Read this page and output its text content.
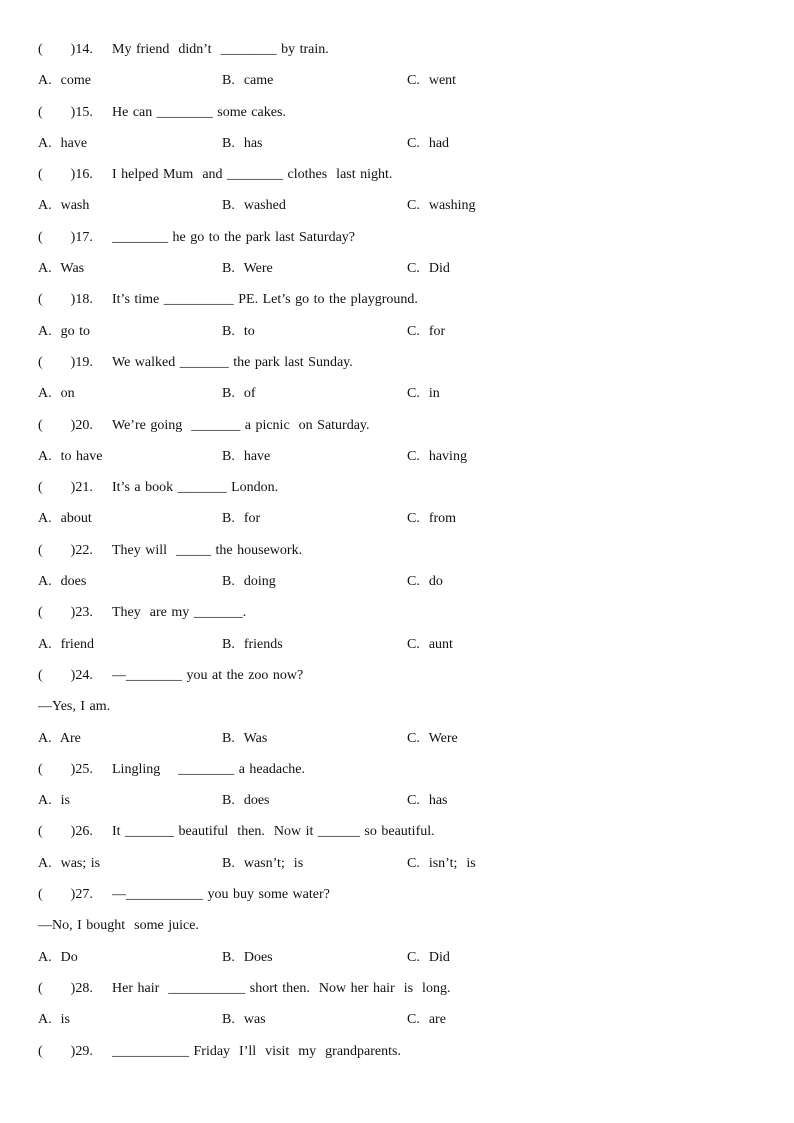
(　　)14.	My friend  didn’t  ________ by train.
A.  come	B.  came	C.  went
(　　)15.	He can ________ some cakes.
A.  have	B.  has	C.  had
(　　)16.	I helped Mum  and ________ clothes  last night.
A.  wash	B.  washed	C.  washing
(　　)17.	________ he go to the park last Saturday?
A.  Was	B.  Were	C.  Did
(　　)18.	It’s time __________ PE. Let’s go to the playground.
A.  go to	B.  to	C.  for
(　　)19.	We walked _______ the park last Sunday.
A.  on	B.  of	C.  in
(　　)20.	We’re going  _______ a picnic  on Saturday.
A.  to have	B.  have	C.  having
(　　)21.	It’s a book _______ London.
A.  about	B.  for	C.  from
(　　)22.	They will  _____ the housework.
A.  does	B.  doing	C.  do
(　　)23.	They  are my _______.
A.  friend	B.  friends	C.  aunt
(　　)24.	—________ you at the zoo now?
—Yes, I am.
A.  Are	B.  Was	C.  Were
(　　)25.	Lingling    ________ a headache.
A.  is	B.  does	C.  has
(　　)26.	It _______ beautiful  then.  Now it ______ so beautiful.
A.  was; is	B.  wasn’t;  is	C.  isn’t;  is
(　　)27.	—___________ you buy some water?
—No, I bought  some juice.
A.  Do	B.  Does	C.  Did
(　　)28.	Her hair  ___________ short then.  Now her hair  is  long.
A.  is	B.  was	C.  are
(　　)29.	___________ Friday  I’ll  visit  my  grandparents.
